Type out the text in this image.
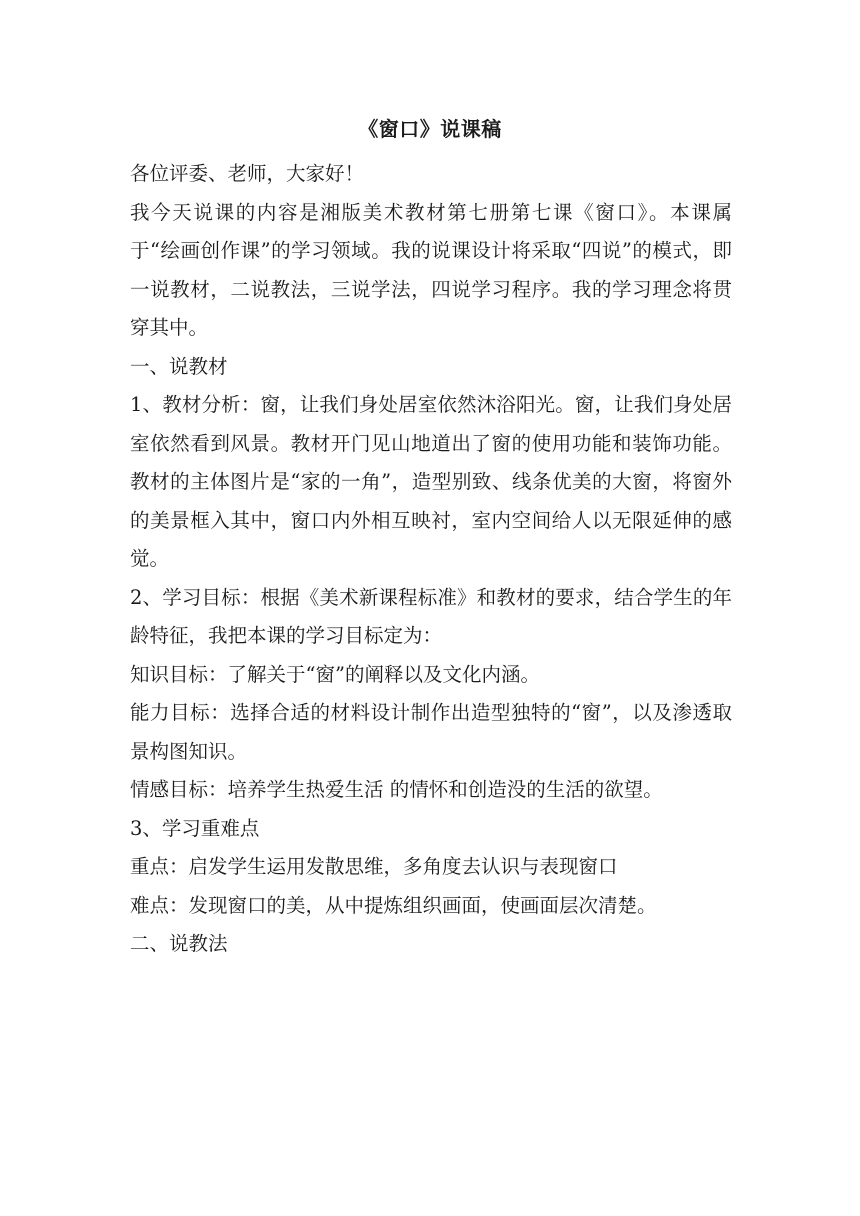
《窗口》说课稿

各位评委、老师，大家好！

我今天说课的内容是湘版美术教材第七册第七课《窗口》。本课属于“绘画创作课”的学习领域。我的说课设计将采取“四说”的模式，即一说教材，二说教法，三说学法，四说学习程序。我的学习理念将贯穿其中。

一、说教材

1、教材分析：窗，让我们身处居室依然沐浴阳光。窗，让我们身处居室依然看到风景。教材开门见山地道出了窗的使用功能和装饰功能。教材的主体图片是“家的一角”，造型别致、线条优美的大窗，将窗外的美景框入其中，窗口内外相互映衬，室内空间给人以无限延伸的感觉。

2、学习目标：根据《美术新课程标准》和教材的要求，结合学生的年龄特征，我把本课的学习目标定为：

知识目标：了解关于“窗”的阐释以及文化内涵。

能力目标：选择合适的材料设计制作出造型独特的“窗”，以及渗透取景构图知识。

情感目标：培养学生热爱生活 的情怀和创造没的生活的欲望。

3、学习重难点

重点：启发学生运用发散思维，多角度去认识与表现窗口

难点：发现窗口的美，从中提炼组织画面，使画面层次清楚。

二、说教法
